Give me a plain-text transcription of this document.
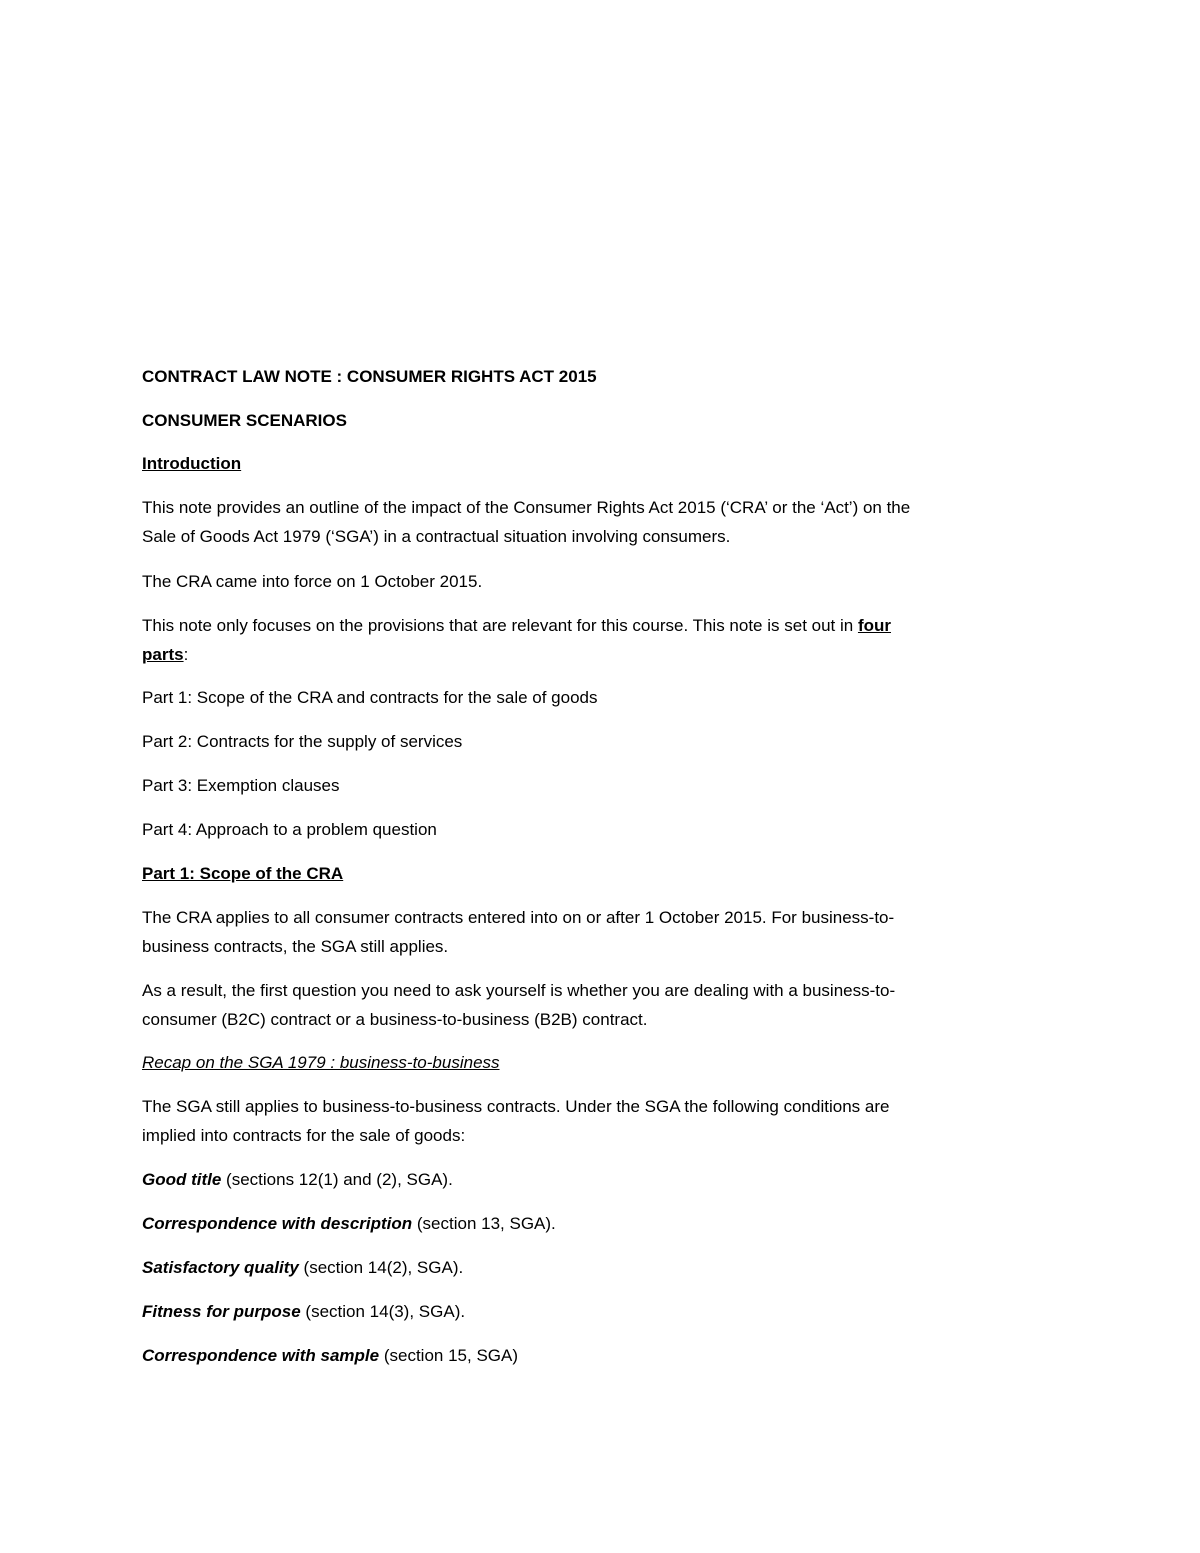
CONTRACT LAW NOTE : CONSUMER RIGHTS ACT 2015

CONSUMER SCENARIOS

Introduction

This note provides an outline of the impact of the Consumer Rights Act 2015 (‘CRA’ or the ‘Act’) on the

Sale of Goods Act 1979 (‘SGA’) in a contractual situation involving consumers.

The CRA came into force on 1 October 2015.

This note only focuses on the provisions that are relevant for this course. This note is set out in four

parts:

Part 1: Scope of the CRA and contracts for the sale of goods

Part 2: Contracts for the supply of services

Part 3: Exemption clauses

Part 4: Approach to a problem question

Part 1: Scope of the CRA

The CRA applies to all consumer contracts entered into on or after 1 October 2015. For business-to-

business contracts, the SGA still applies.

As a result, the first question you need to ask yourself is whether you are dealing with a business-to-

consumer (B2C) contract or a business-to-business (B2B) contract.

Recap on the SGA 1979 : business-to-business

The SGA still applies to business-to-business contracts. Under the SGA the following conditions are

implied into contracts for the sale of goods:

Good title (sections 12(1) and (2), SGA).

Correspondence with description (section 13, SGA).

Satisfactory quality (section 14(2), SGA).

Fitness for purpose (section 14(3), SGA).

Correspondence with sample (section 15, SGA)
